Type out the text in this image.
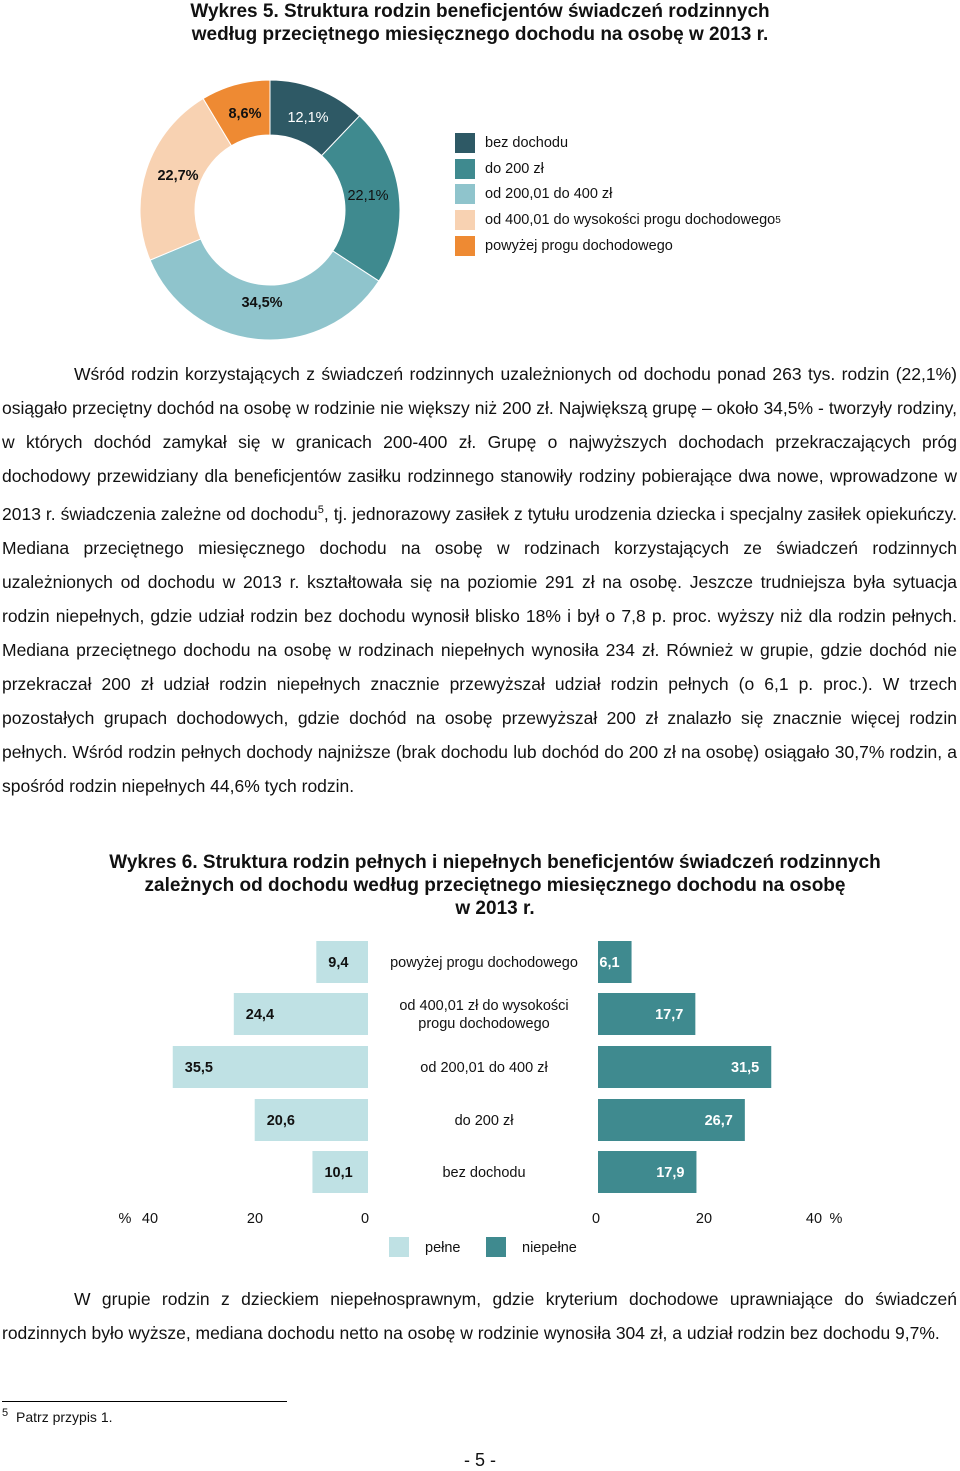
Wykres 5. Struktura rodzin beneficjentów świadczeń rodzinnych
według przeciętnego miesięcznego dochodu na osobę w 2013 r.
12,1%
22,1%
34,5%
22,7%
8,6%
bez dochodu
do 200 zł
od 200,01 do 400 zł
od 400,01 do wysokości progu dochodowego 5
powyżej progu dochodowego
Wśród rodzin korzystających z świadczeń rodzinnych uzależnionych od dochodu ponad 263 tys. rodzin (22,1%) osiągało przeciętny dochód na osobę w rodzinie nie większy niż 200 zł. Największą grupę – około 34,5% - tworzyły rodziny, w których dochód zamykał się w granicach 200-400 zł. Grupę o najwyższych dochodach przekraczających próg dochodowy przewidziany dla beneficjentów zasiłku rodzinnego stanowiły rodziny pobierające dwa nowe, wprowadzone w 2013 r. świadczenia zależne od dochodu$^5$, tj. jednorazowy zasiłek z tytułu urodzenia dziecka i specjalny zasiłek opiekuńczy. Mediana przeciętnego miesięcznego dochodu na osobę w rodzinach korzystających ze świadczeń rodzinnych uzależnionych od dochodu w 2013 r. kształtowała się na poziomie 291 zł na osobę. Jeszcze trudniejsza była sytuacja rodzin niepełnych, gdzie udział rodzin bez dochodu wynosił blisko 18% i był o 7,8 p. proc. wyższy niż dla rodzin pełnych. Mediana przeciętnego dochodu na osobę w rodzinach niepełnych wynosiła 234 zł. Również w grupie, gdzie dochód nie przekraczał 200 zł udział rodzin niepełnych znacznie przewyższał udział rodzin pełnych (o 6,1 p. proc.). W trzech pozostałych grupach dochodowych, gdzie dochód na osobę przewyższał 200 zł znalazło się znacznie więcej rodzin pełnych. Wśród rodzin pełnych dochody najniższe (brak dochodu lub dochód do 200 zł na osobę) osiągało 30,7% rodzin, a spośród rodzin niepełnych 44,6% tych rodzin.
Wykres 6. Struktura rodzin pełnych i niepełnych beneficjentów świadczeń rodzinnych
zależnych od dochodu według przeciętnego miesięcznego dochodu na osobę
w 2013 r.
9,4	6,1
powyżej progu dochodowego
24,4	17,7
od 400,01 zł do wysokości
progu dochodowego
35,5	31,5
od 200,01 do 400 zł
20,6	26,7
do 200 zł
10,1	17,9
bez dochodu
% 40	20	0	0	20	40 %
pełne	niepełne
W grupie rodzin z dzieckiem niepełnosprawnym, gdzie kryterium dochodowe uprawniające do świadczeń rodzinnych było wyższe, mediana dochodu netto na osobę w rodzinie wynosiła 304 zł, a udział rodzin bez dochodu 9,7%.
$^5$ Patrz przypis 1.
- 5 -
